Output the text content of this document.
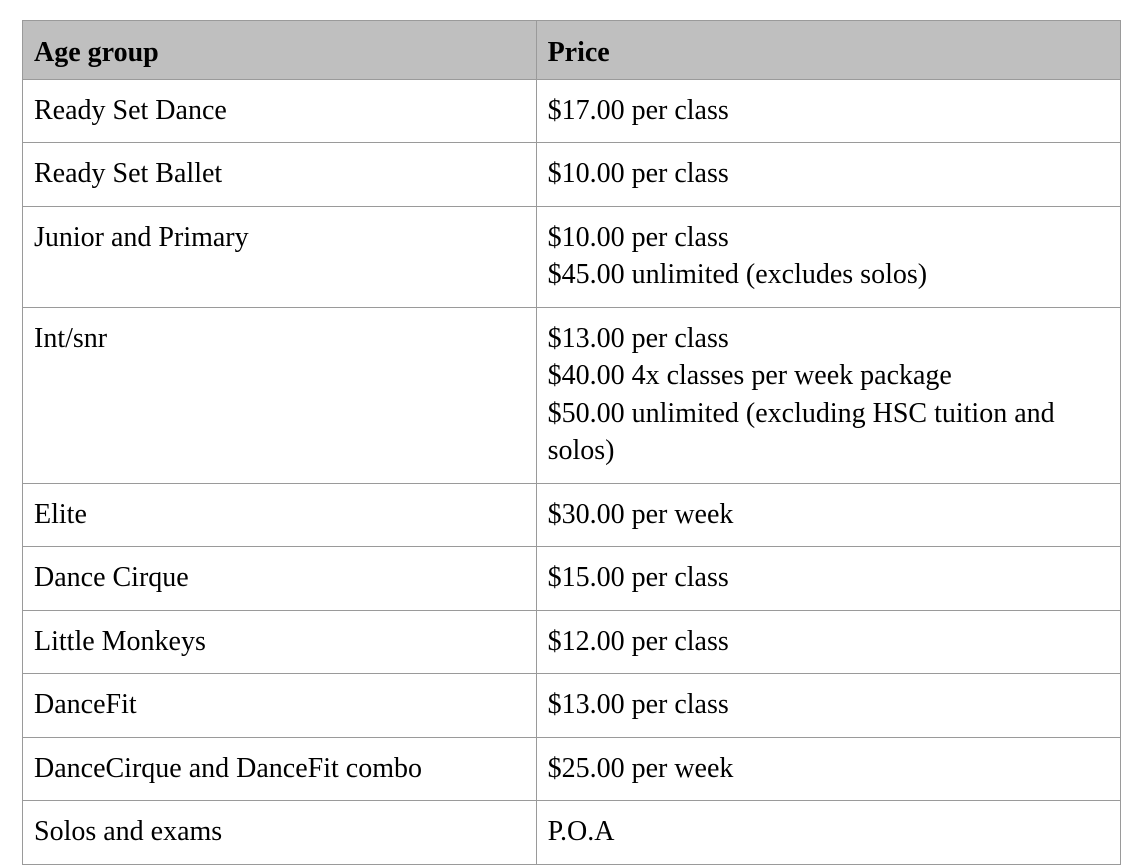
Age group	Price
Ready Set Dance	$17.00 per class

Ready Set Ballet	$10.00 per class

Junior and Primary	$10.00 per class
$45.00 unlimited (excludes solos)

Int/snr	$13.00 per class
$40.00 4x classes per week package
$50.00 unlimited (excluding HSC tuition and solos)

Elite	$30.00 per week

Dance Cirque	$15.00 per class

Little Monkeys	$12.00 per class

DanceFit	$13.00 per class

DanceCirque and DanceFit combo	$25.00 per week

Solos and exams	P.O.A
